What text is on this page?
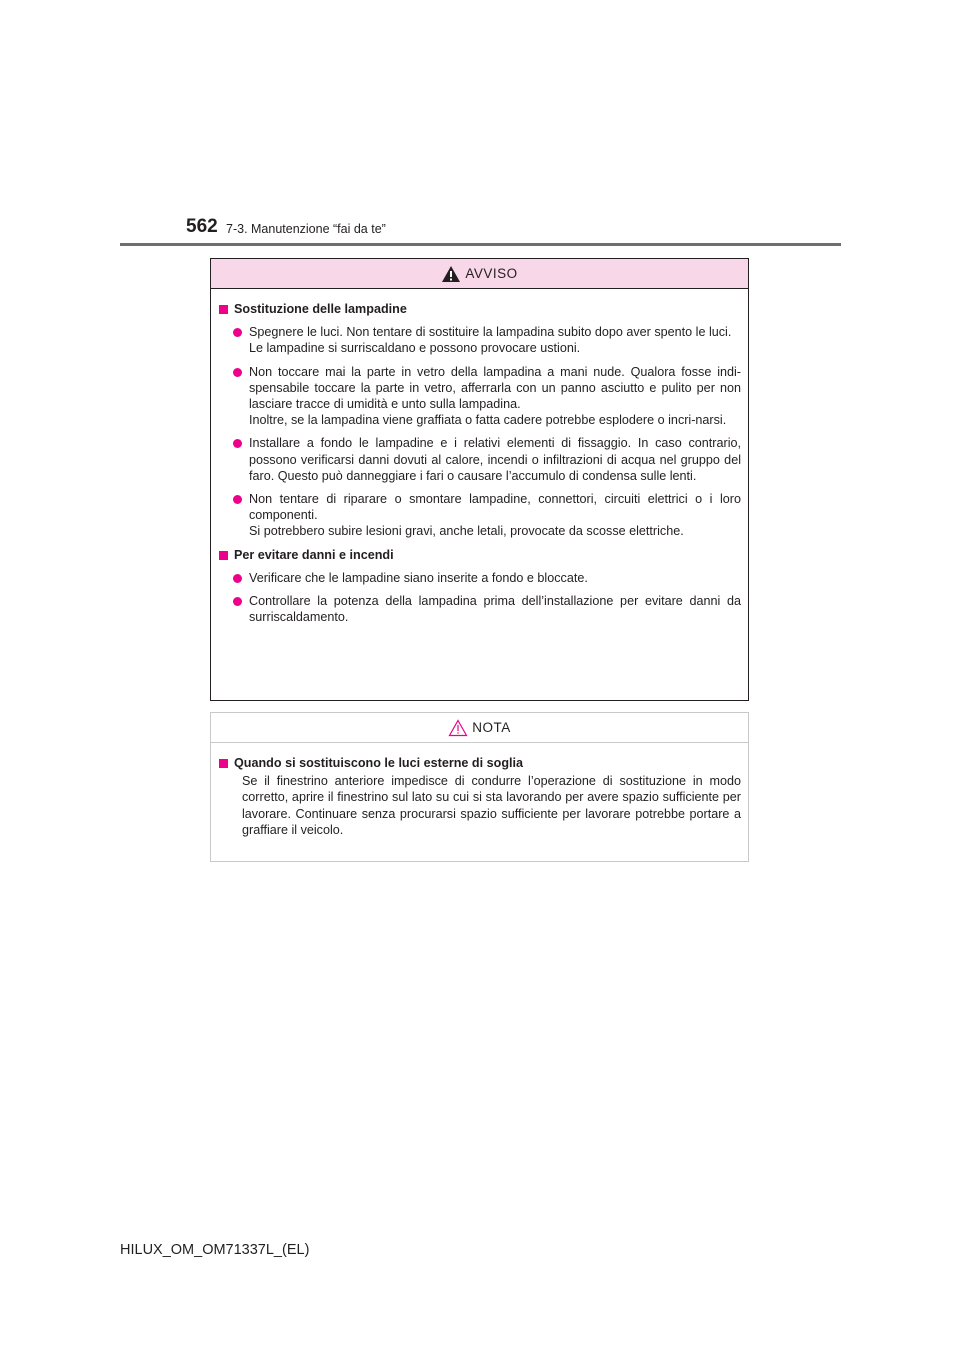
562 7-3. Manutenzione “fai da te”
AVVISO
Sostituzione delle lampadine
Spegnere le luci. Non tentare di sostituire la lampadina subito dopo aver spento le luci.
Le lampadine si surriscaldano e possono provocare ustioni.
Non toccare mai la parte in vetro della lampadina a mani nude. Qualora fosse indi-spensabile toccare la parte in vetro, afferrarla con un panno asciutto e pulito per non lasciare tracce di umidità e unto sulla lampadina.
Inoltre, se la lampadina viene graffiata o fatta cadere potrebbe esplodere o incri-narsi.
Installare a fondo le lampadine e i relativi elementi di fissaggio. In caso contrario, possono verificarsi danni dovuti al calore, incendi o infiltrazioni di acqua nel gruppo del faro. Questo può danneggiare i fari o causare l’accumulo di condensa sulle lenti.
Non tentare di riparare o smontare lampadine, connettori, circuiti elettrici o i loro componenti.
Si potrebbero subire lesioni gravi, anche letali, provocate da scosse elettriche.
Per evitare danni e incendi
Verificare che le lampadine siano inserite a fondo e bloccate.
Controllare la potenza della lampadina prima dell’installazione per evitare danni da surriscaldamento.
NOTA
Quando si sostituiscono le luci esterne di soglia
Se il finestrino anteriore impedisce di condurre l’operazione di sostituzione in modo corretto, aprire il finestrino sul lato su cui si sta lavorando per avere spazio sufficiente per lavorare. Continuare senza procurarsi spazio sufficiente per lavorare potrebbe portare a graffiare il veicolo.
HILUX_OM_OM71337L_(EL)
